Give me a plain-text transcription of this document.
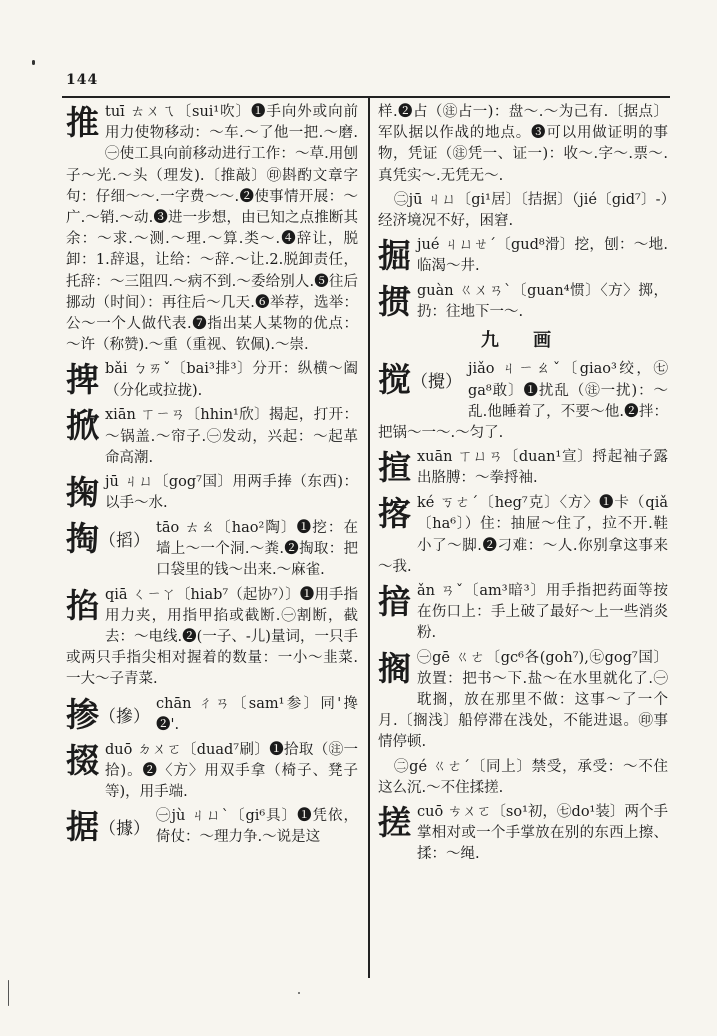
144
推 tuī ㄊㄨㄟ〔sui¹吹〕❶手向外或向前用力使物移动：～车.～了他一把.～磨.㊀使工具向前移动进行工作：～草.用刨子～光.～头（理发).〔推敲〕㊞斟酌文章字句：仔细～～.一字费～～.❷使事情开展：～广.～销.～动.❸进一步想，由已知之点推断其余：～求.～测.～理.～算.类～.❹辞让，脱卸：1.辞退，让给：～辞.～让.2.脱卸责任，托辞：～三阻四.～病不到.～委给别人.❺往后挪动（时间）：再往后～几天.❻举荐，选举：公～一个人做代表.❼指出某人某物的优点：～许（称赞).～重（重视、钦佩).～崇.
捭 bǎi ㄅㄞˇ〔bai³排³〕分开：纵横～阖（分化或拉拢).
掀 xiān ㄒㄧㄢ〔hhin¹欣〕揭起，打开：～锅盖.～帘子.㊀发动，兴起：～起革命高潮.
掬 jū ㄐㄩ〔gog⁷国〕用两手捧（东西)：以手～水.
掏（搯）
tāo ㄊㄠ〔hao²陶〕❶挖：在墙上～一个洞.～粪.❷掏取：把口袋里的钱～出来.～麻雀.
掐 qiā ㄑㄧㄚ〔hiab⁷（起协⁷）〕❶用手指用力夹，用指甲掐或截断.㊀割断，截去：～电线.❷(一子、-儿)量词，一只手或两只手指尖相对握着的数量：一小～韭菜.一大～子青菜.
掺（摻）
chān ㄔㄢ〔sam¹参〕同'搀❷'.
掇 duō ㄉㄨㄛ〔duad⁷刷〕❶拾取（㊟一拾)。❷〈方〉用双手拿（椅子、凳子等)，用手端.
据（據）
㊀jù ㄐㄩˋ〔gi⁶具〕❶凭依，倚仗：～理力争.～说是这
样.❷占（㊟占一)：盘～.～为己有.〔据点〕军队据以作战的地点。❸可以用做证明的事物，凭证（㊟凭一、证一)：收～.字～.票～.真凭实～.无凭无～.
㊁jū ㄐㄩ〔gi¹居〕〔拮据〕（jié〔gid⁷〕-）经济境况不好，困窘.
掘 jué ㄐㄩㄝˊ〔gud⁸滑〕挖，刨：～地.临渴～井.
掼 guàn ㄍㄨㄢˋ〔guan⁴惯〕〈方〉掷，扔：往地下一～.
九 画
搅（攪）
jiǎo ㄐㄧㄠˇ〔giao³绞，㊆ga⁸敢〕❶扰乱（㊟一扰)：～乱.他睡着了，不要～他.❷拌：把锅～一～.～匀了.
揎 xuān ㄒㄩㄢ〔duan¹宣〕捋起袖子露出胳膊：～拳捋袖.
揢 ké ㄎㄜˊ〔heg⁷克〕〈方〉❶卡（qiǎ〔ha⁶〕）住：抽屉～住了，拉不开.鞋小了～脚.❷刁难：～人.你别拿这事来～我.
揞 ǎn ㄢˇ〔am³暗³〕用手指把药面等按在伤口上：手上破了最好～上一些消炎粉.
搁 ㊀gē ㄍㄜ〔gc⁶各(goh⁷),㊆gog⁷国〕放置：把书～下.盐～在水里就化了.㊀耽搁，放在那里不做：这事～了一个月.〔搁浅〕船停滞在浅处，不能进退。㊞事情停顿.
㊁gé ㄍㄜˊ〔同上〕禁受，承受：～不住这么沉.～不住揉搓.
搓 cuō ㄘㄨㄛ〔so¹初，㊆do¹装〕两个手掌相对或一个手掌放在别的东西上擦、揉：～绳.
